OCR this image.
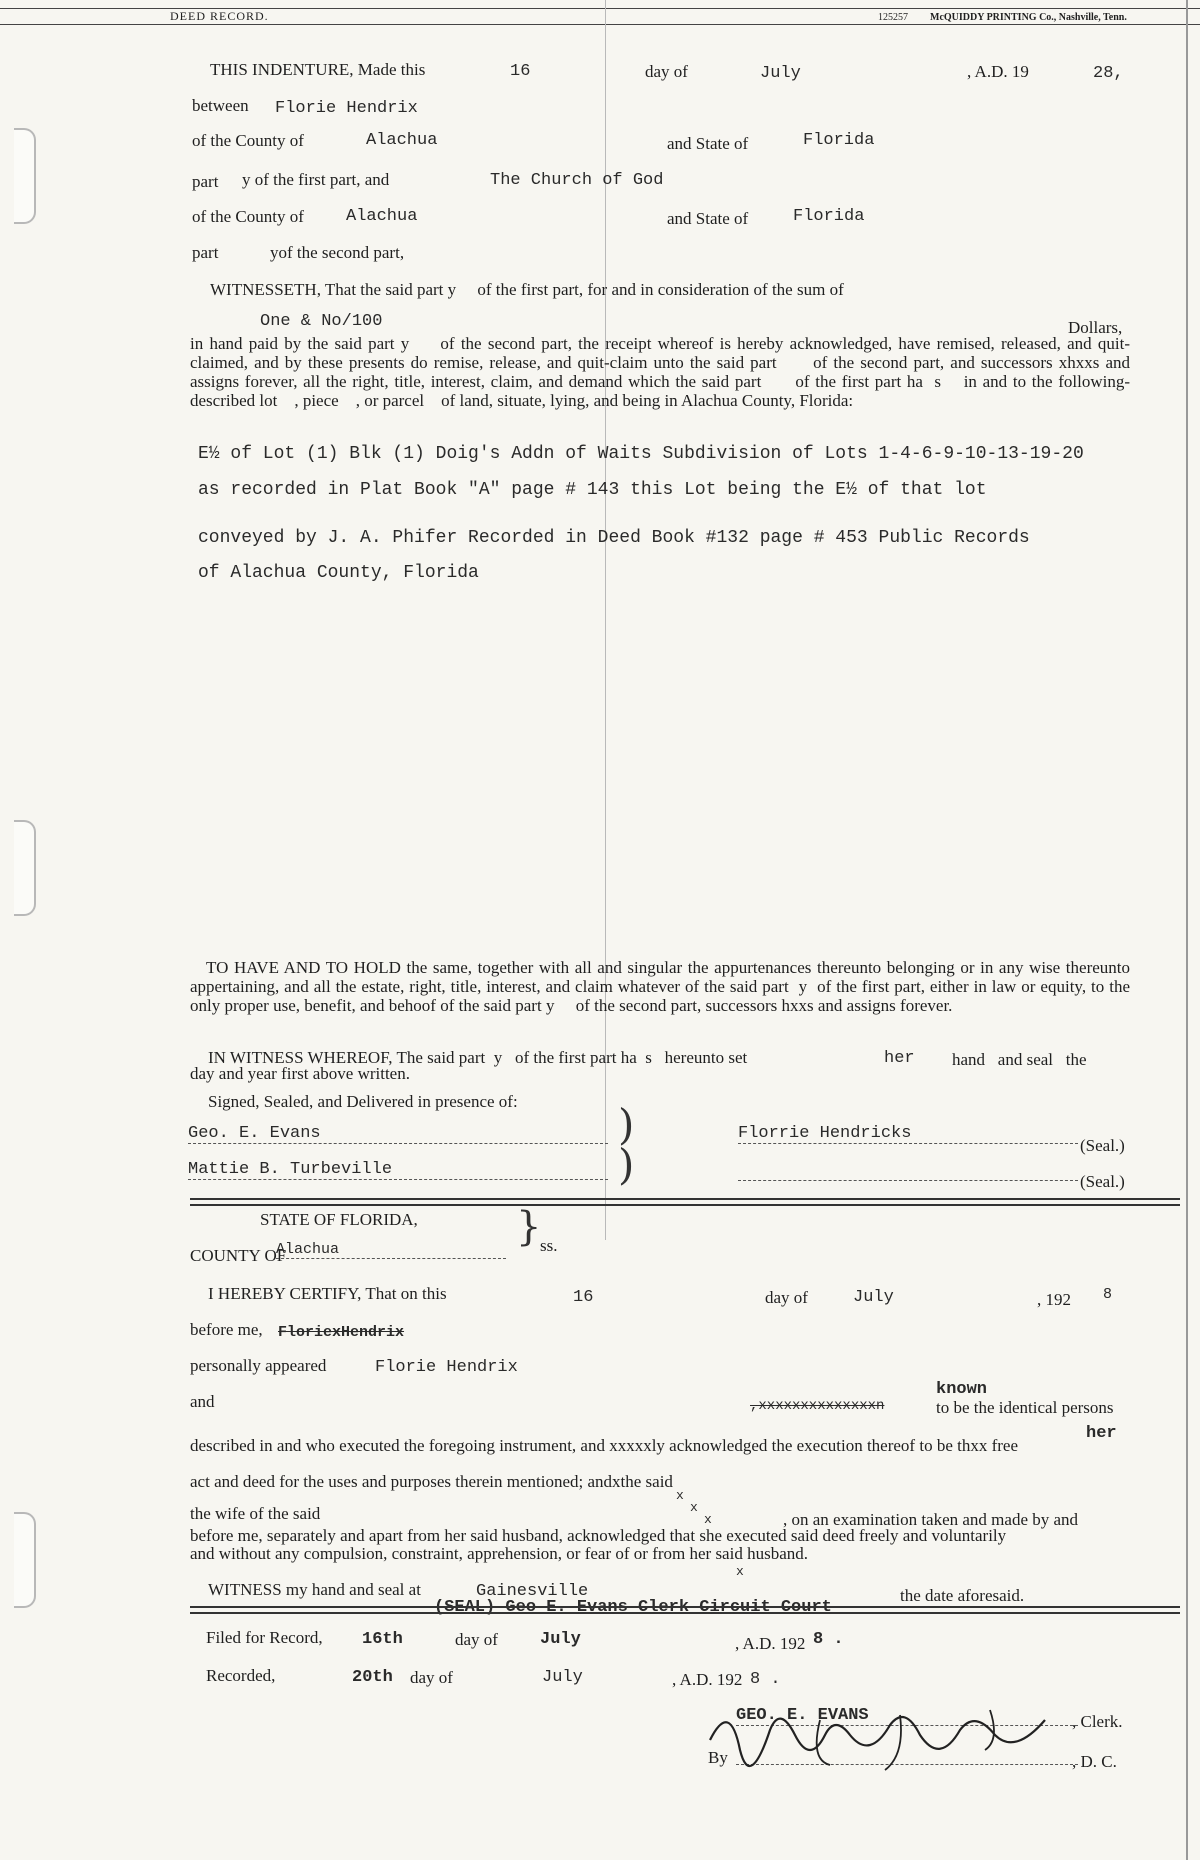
DEED RECORD.	125257 McQUIDDY PRINTING Co., Nashville, Tenn.
THIS INDENTURE, Made this	16	day of	July	, A.D. 19	28,
between Florie Hendrix
of the County of	Alachua	and State of	Florida
part y of the first part, and	The Church of God
of the County of Alachua	and State of	Florida
part	yof the second part,
WITNESSETH, That the said part y     of the first part, for and in consideration of the sum of
One & No/100	Dollars,
in hand paid by the said part y     of the second part, the receipt whereof is hereby acknowledged, have remised, released, and quit-claimed, and by these presents do remise, release, and quit-claim unto the said part      of the second part, and successors xhxxs and assigns forever, all the right, title, interest, claim, and demand which the said part      of the first part ha  s    in and to the following-described lot    , piece    , or parcel    of land, situate, lying, and being in Alachua County, Florida:
E½ of Lot (1) Blk (1) Doig's Addn of Waits Subdivision of Lots 1-4-6-9-10-13-19-20
as recorded in Plat Book "A" page # 143 this Lot being the E½ of that lot
conveyed by J. A. Phifer Recorded in Deed Book #132 page # 453 Public Records
of Alachua County, Florida
TO HAVE AND TO HOLD the same, together with all and singular the appurtenances thereunto belonging or in any wise thereunto appertaining, and all the estate, right, title, interest, and claim whatever of the said part  y  of the first part, either in law or equity, to the only proper use, benefit, and behoof of the said part y     of the second part, successors hxxs and assigns forever.
IN WITNESS WHEREOF, The said part  y   of the first part ha  s   hereunto set	her hand   and seal   the
day and year first above written.
Signed, Sealed, and Delivered in presence of:
Geo. E. Evans
Mattie B. Turbeville
)
)
Florrie Hendricks
(Seal.)
(Seal.)
STATE OF FLORIDA, }
ss.
COUNTY OF
Alachua
I HEREBY CERTIFY, That on this	16	day of	July	, 192 8
before me, FloriexHendrix
personally appeared	Florie Hendrix
and
known
,xxxxxxxxxxxxxxn	to be the identical persons
her
described in and who executed the foregoing instrument, and xxxxxly acknowledged the execution thereof to be thxx free
act and deed for the uses and purposes therein mentioned; andxthe said
x
x
x
the wife of the said	, on an examination taken and made by and
before me, separately and apart from her said husband, acknowledged that she executed said deed freely and voluntarily
and without any compulsion, constraint, apprehension, or fear of or from her said husband.
x
WITNESS my hand and seal at	Gainesville	the date aforesaid.
(SEAL) Geo E. Evans Clerk Circuit Court
Filed for Record, 16th	day of July	, A.D. 192 8 .
Recorded,	20th day of	July	, A.D. 192 8 .
GEO. E. EVANS	, Clerk.
By	, D. C.
